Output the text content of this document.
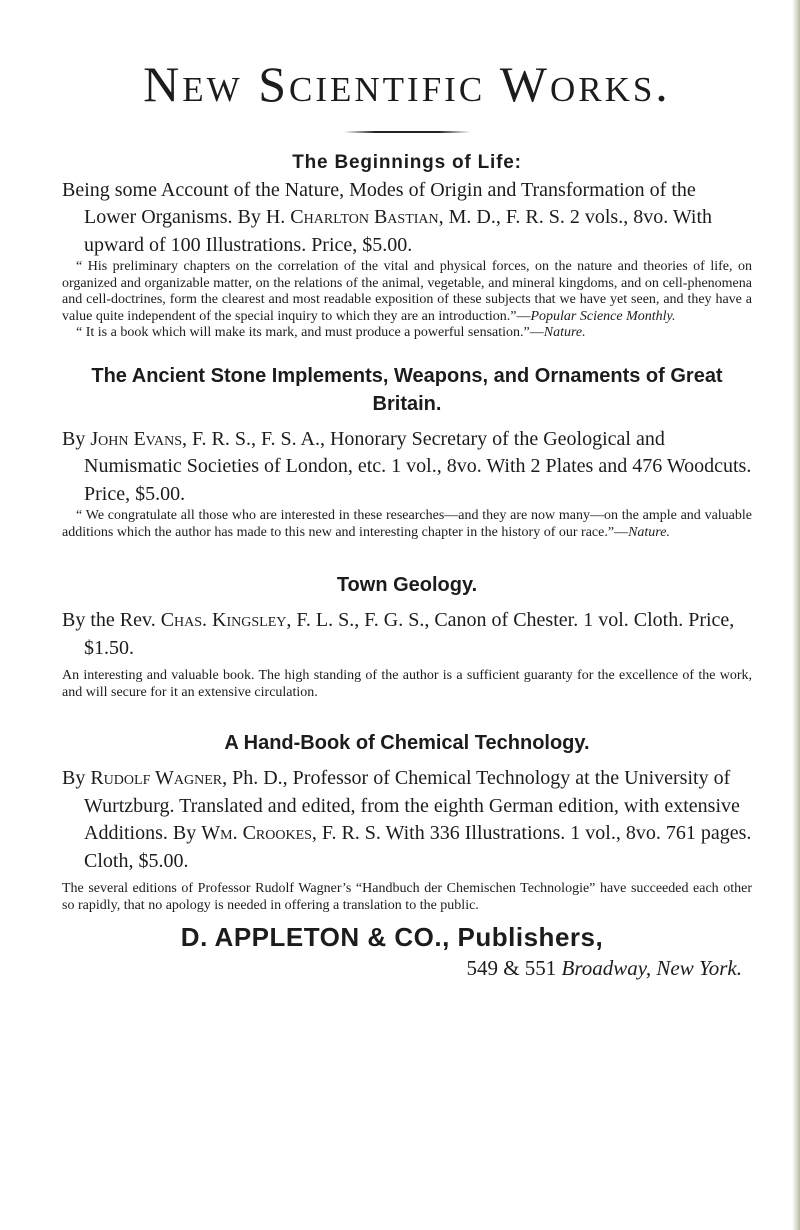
New Scientific Works.
The Beginnings of Life:

Being some Account of the Nature, Modes of Origin and Transformation of the Lower Organisms. By H. Charlton Bastian, M. D., F. R. S. 2 vols., 8vo. With upward of 100 Illustrations. Price, $5.00.

“ His preliminary chapters on the correlation of the vital and physical forces, on the nature and theories of life, on organized and organizable matter, on the relations of the animal, vegetable, and mineral kingdoms, and on cell-phenomena and cell-doctrines, form the clearest and most readable exposition of these subjects that we have yet seen, and they have a value quite independent of the special inquiry to which they are an introduction.”—Popular Science Monthly.

“ It is a book which will make its mark, and must produce a powerful sensation.”—Nature.

The Ancient Stone Implements, Weapons, and Ornaments of Great Britain.

By John Evans, F. R. S., F. S. A., Honorary Secretary of the Geological and Numismatic Societies of London, etc. 1 vol., 8vo. With 2 Plates and 476 Woodcuts. Price, $5.00.

“ We congratulate all those who are interested in these researches—and they are now many—on the ample and valuable additions which the author has made to this new and interesting chapter in the history of our race.”—Nature.

Town Geology.

By the Rev. Chas. Kingsley, F. L. S., F. G. S., Canon of Chester. 1 vol. Cloth. Price, $1.50.

An interesting and valuable book. The high standing of the author is a sufficient guaranty for the excellence of the work, and will secure for it an extensive circulation.

A Hand-Book of Chemical Technology.

By Rudolf Wagner, Ph. D., Professor of Chemical Technology at the University of Wurtzburg. Translated and edited, from the eighth German edition, with extensive Additions. By Wm. Crookes, F. R. S. With 336 Illustrations. 1 vol., 8vo. 761 pages. Cloth, $5.00.

The several editions of Professor Rudolf Wagner’s “Handbuch der Chemischen Technologie” have succeeded each other so rapidly, that no apology is needed in offering a translation to the public.

D. APPLETON & CO., Publishers,

549 & 551 Broadway, New York.
